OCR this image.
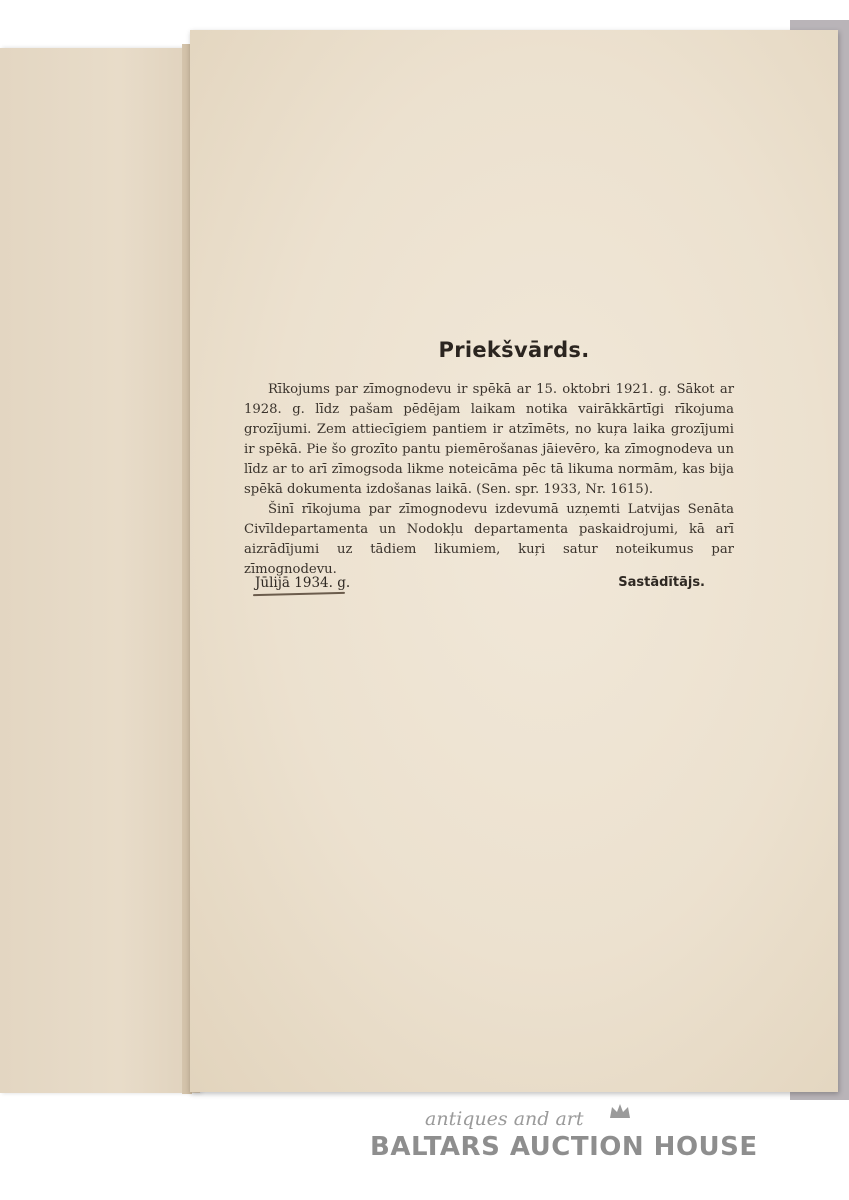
Priekšvārds.

Rīkojums par zīmognodevu ir spēkā ar 15. oktobri 1921. g. Sākot ar 1928. g. līdz pašam pēdējam laikam notika vairākkārtīgi rīkojuma grozījumi. Zem attiecīgiem pantiem ir atzīmēts, no kuŗa laika grozījumi ir spēkā. Pie šo grozīto pantu piemērošanas jāievēro, ka zīmognodeva un līdz ar to arī zīmogsoda likme noteicāma pēc tā likuma normām, kas bija spēkā dokumenta izdošanas laikā. (Sen. spr. 1933, Nr. 1615).

Šinī rīkojuma par zīmognodevu izdevumā uzņemti Latvijas Senāta Civīldepartamenta un Nodokļu departamenta paskaidrojumi, kā arī aizrādījumi uz tādiem likumiem, kuŗi satur noteikumus par zīmognodevu.

Jūlijā 1934. g.	Sastādītājs.
antiques and art
BALTARS AUCTION HOUSE
